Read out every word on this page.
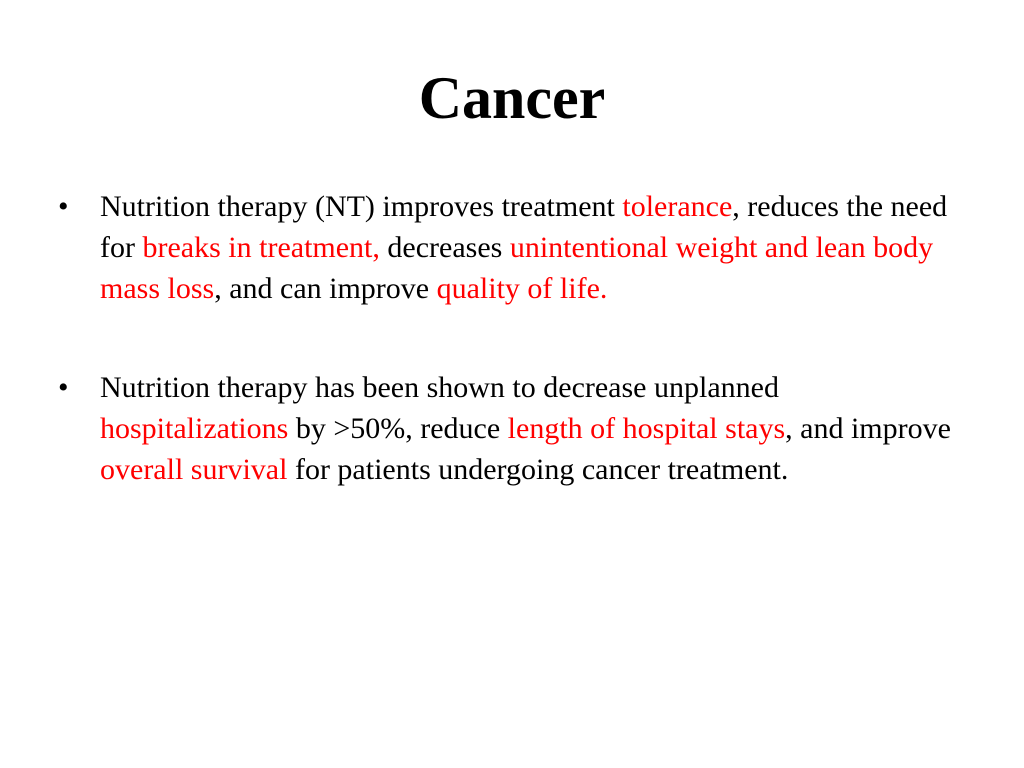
Cancer
•	Nutrition therapy (NT) improves treatment tolerance, reduces the need for breaks in treatment, decreases unintentional weight and lean body mass loss, and can improve quality of life.
•	Nutrition therapy has been shown to decrease unplanned hospitalizations by >50%, reduce length of hospital stays, and improve overall survival for patients undergoing cancer treatment.
